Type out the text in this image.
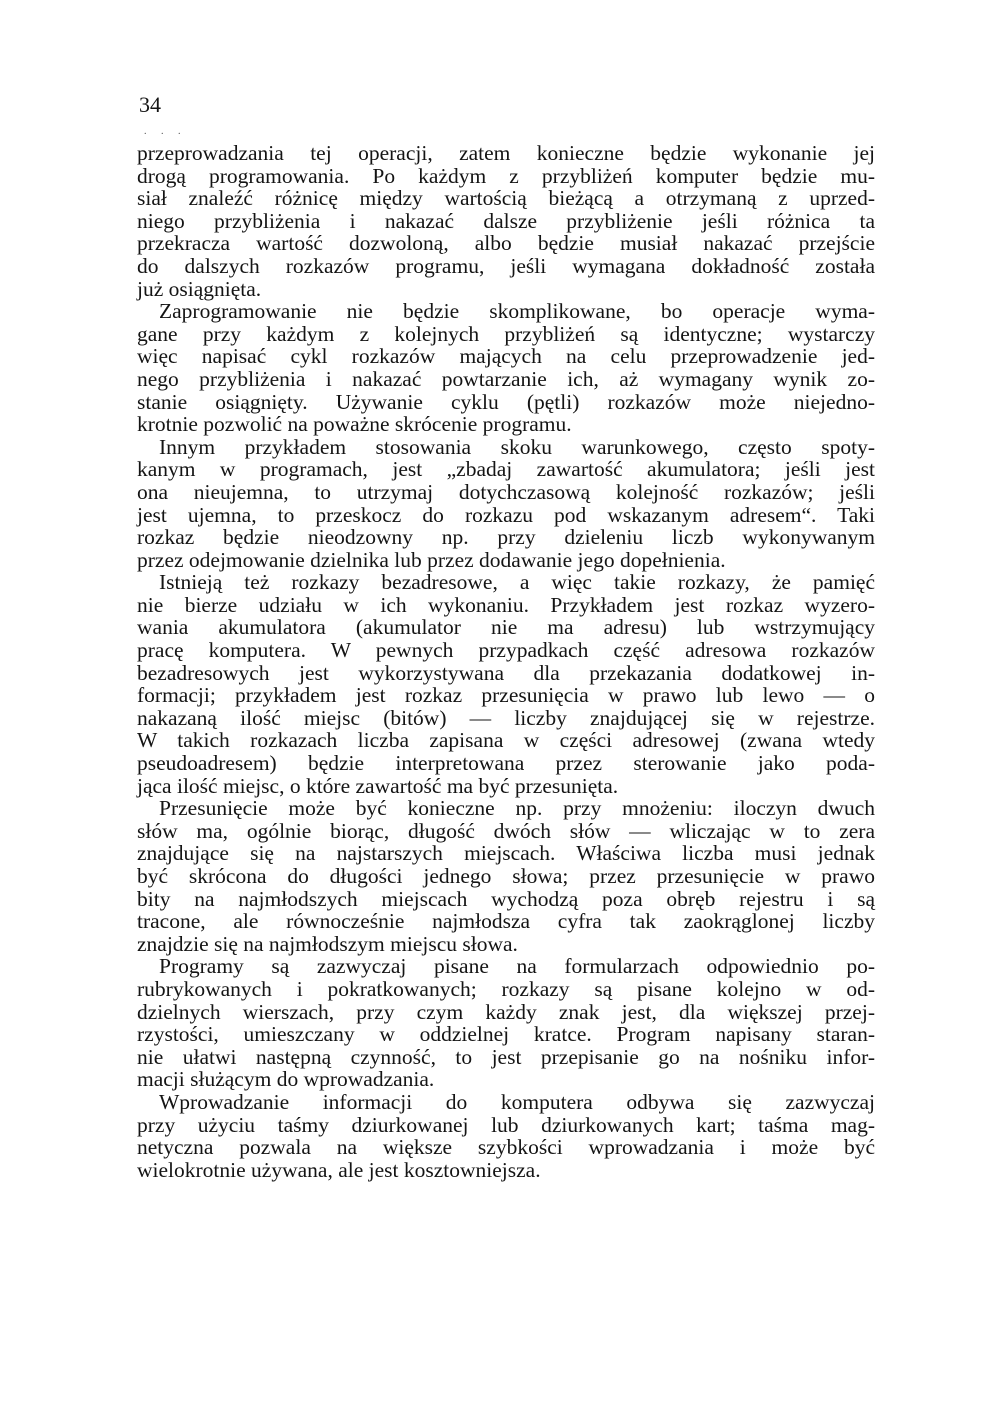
34
. . .
przeprowadzania tej operacji, zatem konieczne będzie wykonanie jej
drogą programowania. Po każdym z przybliżeń komputer będzie mu-
siał znaleźć różnicę między wartością bieżącą a otrzymaną z uprzed-
niego przybliżenia i nakazać dalsze przybliżenie jeśli różnica ta
przekracza wartość dozwoloną, albo będzie musiał nakazać przejście
do dalszych rozkazów programu, jeśli wymagana dokładność została
już osiągnięta.
Zaprogramowanie nie będzie skomplikowane, bo operacje wyma-
gane przy każdym z kolejnych przybliżeń są identyczne; wystarczy
więc napisać cykl rozkazów mających na celu przeprowadzenie jed-
nego przybliżenia i nakazać powtarzanie ich, aż wymagany wynik zo-
stanie osiągnięty. Używanie cyklu (pętli) rozkazów może niejedno-
krotnie pozwolić na poważne skrócenie programu.
Innym przykładem stosowania skoku warunkowego, często spoty-
kanym w programach, jest „zbadaj zawartość akumulatora; jeśli jest
ona nieujemna, to utrzymaj dotychczasową kolejność rozkazów; jeśli
jest ujemna, to przeskocz do rozkazu pod wskazanym adresem“. Taki
rozkaz będzie nieodzowny np. przy dzieleniu liczb wykonywanym
przez odejmowanie dzielnika lub przez dodawanie jego dopełnienia.
Istnieją też rozkazy bezadresowe, a więc takie rozkazy, że pamięć
nie bierze udziału w ich wykonaniu. Przykładem jest rozkaz wyzero-
wania akumulatora (akumulator nie ma adresu) lub wstrzymujący
pracę komputera. W pewnych przypadkach część adresowa rozkazów
bezadresowych jest wykorzystywana dla przekazania dodatkowej in-
formacji; przykładem jest rozkaz przesunięcia w prawo lub lewo — o
nakazaną ilość miejsc (bitów) — liczby znajdującej się w rejestrze.
W takich rozkazach liczba zapisana w części adresowej (zwana wtedy
pseudoadresem) będzie interpretowana przez sterowanie jako poda-
jąca ilość miejsc, o które zawartość ma być przesunięta.
Przesunięcie może być konieczne np. przy mnożeniu: iloczyn dwuch
słów ma, ogólnie biorąc, długość dwóch słów — wliczając w to zera
znajdujące się na najstarszych miejscach. Właściwa liczba musi jednak
być skrócona do długości jednego słowa; przez przesunięcie w prawo
bity na najmłodszych miejscach wychodzą poza obręb rejestru i są
tracone, ale równocześnie najmłodsza cyfra tak zaokrąglonej liczby
znajdzie się na najmłodszym miejscu słowa.
Programy są zazwyczaj pisane na formularzach odpowiednio po-
rubrykowanych i pokratkowanych; rozkazy są pisane kolejno w od-
dzielnych wierszach, przy czym każdy znak jest, dla większej przej-
rzystości, umieszczany w oddzielnej kratce. Program napisany staran-
nie ułatwi następną czynność, to jest przepisanie go na nośniku infor-
macji służącym do wprowadzania.
Wprowadzanie informacji do komputera odbywa się zazwyczaj
przy użyciu taśmy dziurkowanej lub dziurkowanych kart; taśma mag-
netyczna pozwala na większe szybkości wprowadzania i może być
wielokrotnie używana, ale jest kosztowniejsza.
